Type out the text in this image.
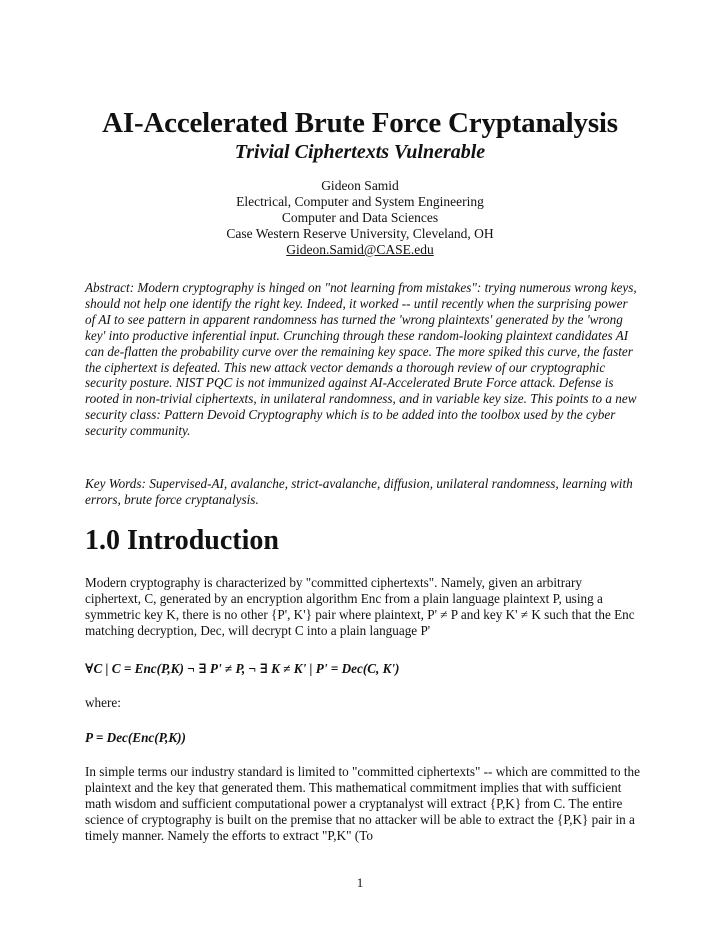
AI-Accelerated Brute Force Cryptanalysis
Trivial Ciphertexts Vulnerable
Gideon Samid
Electrical, Computer and System Engineering
Computer and Data Sciences
Case Western Reserve University, Cleveland, OH
Gideon.Samid@CASE.edu
Abstract: Modern cryptography is hinged on "not learning from mistakes": trying numerous wrong keys, should not help one identify the right key. Indeed, it worked -- until recently when the surprising power of AI to see pattern in apparent randomness has turned the 'wrong plaintexts' generated by the 'wrong key' into productive inferential input. Crunching through these random-looking plaintext candidates AI can de-flatten the probability curve over the remaining key space. The more spiked this curve, the faster the ciphertext is defeated. This new attack vector demands a thorough review of our cryptographic security posture. NIST PQC is not immunized against AI-Accelerated Brute Force attack. Defense is rooted in non-trivial ciphertexts, in unilateral randomness, and in variable key size. This points to a new security class: Pattern Devoid Cryptography which is to be added into the toolbox used by the cyber security community.
Key Words: Supervised-AI, avalanche, strict-avalanche, diffusion, unilateral randomness, learning with errors, brute force cryptanalysis.
1.0 Introduction
Modern cryptography is characterized by "committed ciphertexts". Namely, given an arbitrary ciphertext, C, generated by an encryption algorithm Enc from a plain language plaintext P, using a symmetric key K, there is no other {P', K'} pair where plaintext, P' ≠ P and key K' ≠ K such that the Enc matching decryption, Dec, will decrypt C into a plain language P'
∀C | C = Enc(P,K) ¬ ∃ P' ≠ P, ¬ ∃ K ≠ K' | P' = Dec(C, K')
where:
P = Dec(Enc(P,K))
In simple terms our industry standard is limited to "committed ciphertexts" -- which are committed to the plaintext and the key that generated them. This mathematical commitment implies that with sufficient math wisdom and sufficient computational power a cryptanalyst will extract {P,K} from C. The entire science of cryptography is built on the premise that no attacker will be able to extract the {P,K} pair in a timely manner. Namely the efforts to extract "P,K" (To
1
